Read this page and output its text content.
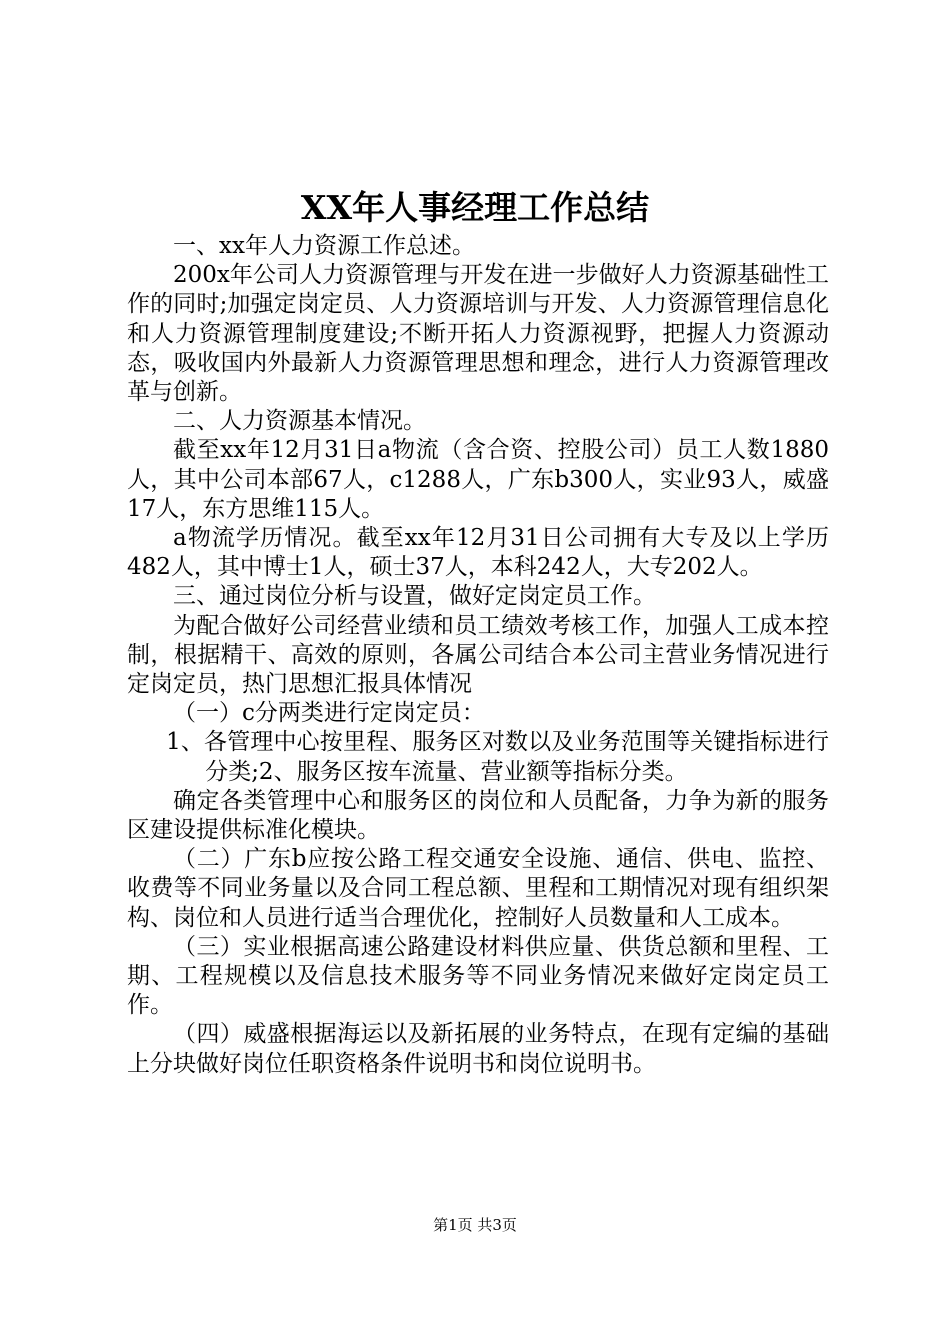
XX年人事经理工作总结

一、xx年人力资源工作总述。

200x年公司人力资源管理与开发在进一步做好人力资源基础性工作的同时;加强定岗定员、人力资源培训与开发、人力资源管理信息化和人力资源管理制度建设;不断开拓人力资源视野，把握人力资源动态，吸收国内外最新人力资源管理思想和理念，进行人力资源管理改革与创新。

二、人力资源基本情况。

截至xx年12月31日a物流（含合资、控股公司）员工人数1880人，其中公司本部67人，c1288人，广东b300人，实业93人，威盛17人，东方思维115人。

a物流学历情况。截至xx年12月31日公司拥有大专及以上学历482人，其中博士1人，硕士37人，本科242人，大专202人。

三、通过岗位分析与设置，做好定岗定员工作。

为配合做好公司经营业绩和员工绩效考核工作，加强人工成本控制，根据精干、高效的原则，各属公司结合本公司主营业务情况进行定岗定员，热门思想汇报具体情况

（一）c分两类进行定岗定员：

1、各管理中心按里程、服务区对数以及业务范围等关键指标进行分类;2、服务区按车流量、营业额等指标分类。

确定各类管理中心和服务区的岗位和人员配备，力争为新的服务区建设提供标准化模块。

（二）广东b应按公路工程交通安全设施、通信、供电、监控、收费等不同业务量以及合同工程总额、里程和工期情况对现有组织架构、岗位和人员进行适当合理优化，控制好人员数量和人工成本。

（三）实业根据高速公路建设材料供应量、供货总额和里程、工期、工程规模以及信息技术服务等不同业务情况来做好定岗定员工作。

（四）威盛根据海运以及新拓展的业务特点，在现有定编的基础上分块做好岗位任职资格条件说明书和岗位说明书。

第1页 共3页
